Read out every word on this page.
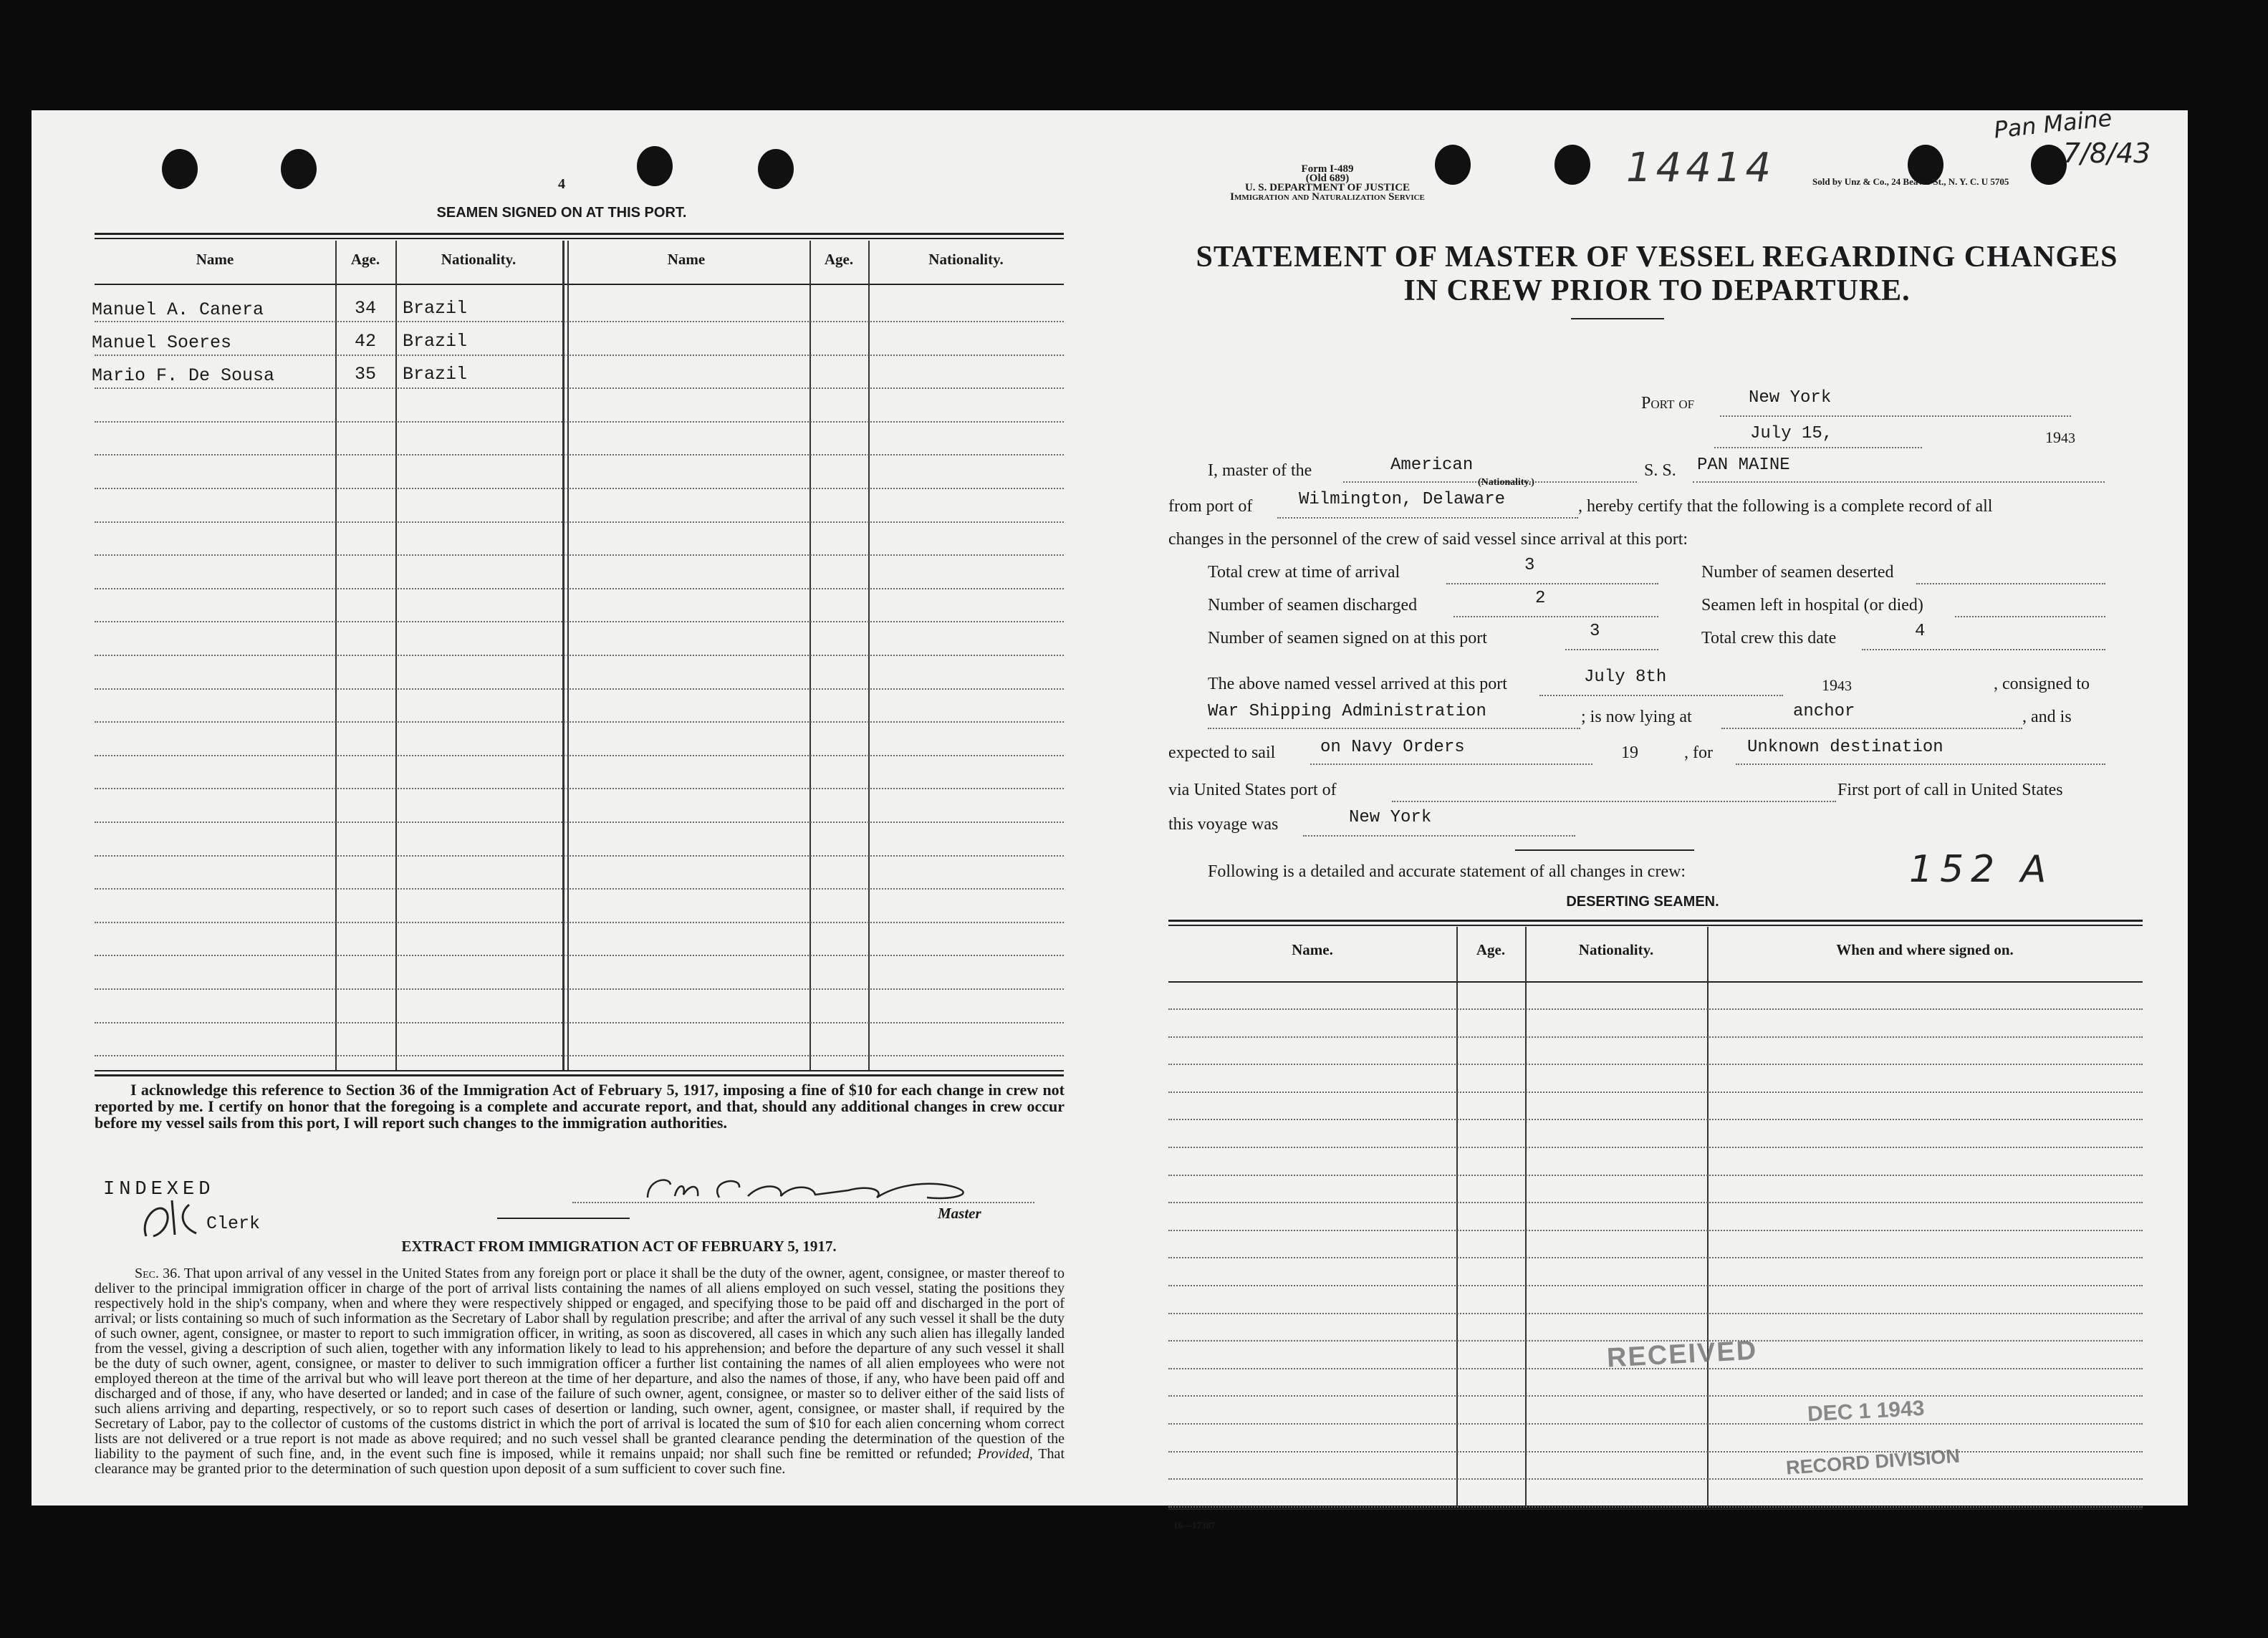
4
SEAMEN SIGNED ON AT THIS PORT.
Name	Age.	Nationality.	Name	Age.	Nationality.
Manuel A. Canera	34	Brazil
Manuel Soeres	42	Brazil
Mario F. De Sousa	35	Brazil
I acknowledge this reference to Section 36 of the Immigration Act of February 5, 1917, imposing a fine of $10 for each change in crew not reported by me. I certify on honor that the foregoing is a complete and accurate report, and that, should any additional changes in crew occur before my vessel sails from this port, I will report such changes to the immigration authorities.
INDEXED
Clerk	Master
EXTRACT FROM IMMIGRATION ACT OF FEBRUARY 5, 1917.
Sec. 36. That upon arrival of any vessel in the United States from any foreign port or place it shall be the duty of the owner, agent, consignee, or master thereof to deliver to the principal immigration officer in charge of the port of arrival lists containing the names of all aliens employed on such vessel, stating the positions they respectively hold in the ship's company, when and where they were respectively shipped or engaged, and specifying those to be paid off and discharged in the port of arrival; or lists containing so much of such information as the Secretary of Labor shall by regulation prescribe; and after the arrival of any such vessel it shall be the duty of such owner, agent, consignee, or master to report to such immigration officer, in writing, as soon as discovered, all cases in which any such alien has illegally landed from the vessel, giving a description of such alien, together with any information likely to lead to his apprehension; and before the departure of any such vessel it shall be the duty of such owner, agent, consignee, or master to deliver to such immigration officer a further list containing the names of all alien employees who were not employed thereon at the time of the arrival but who will leave port thereon at the time of her departure, and also the names of those, if any, who have been paid off and discharged and of those, if any, who have deserted or landed; and in case of the failure of such owner, agent, consignee, or master so to deliver either of the said lists of such aliens arriving and departing, respectively, or so to report such cases of desertion or landing, such owner, agent, consignee, or master shall, if required by the Secretary of Labor, pay to the collector of customs of the customs district in which the port of arrival is located the sum of $10 for each alien concerning whom correct lists are not delivered or a true report is not made as above required; and no such vessel shall be granted clearance pending the determination of the question of the liability to the payment of such fine, and, in the event such fine is imposed, while it remains unpaid; nor shall such fine be remitted or refunded; Provided, That clearance may be granted prior to the determination of such question upon deposit of a sum sufficient to cover such fine.
Form I-489
(Old 689)
U. S. DEPARTMENT OF JUSTICE
Immigration and Naturalization Service
14414
Pan Maine
7/8/43
Sold by Unz & Co., 24 Beaver St., N. Y. C. U 5705
STATEMENT OF MASTER OF VESSEL REGARDING CHANGES
IN CREW PRIOR TO DEPARTURE.
Port of	New York
July 15,	1943
I, master of the	American
(Nationality.)
S. S. PAN MAINE
from port of	Wilmington, Delaware	, hereby certify that the following is a complete record of all
changes in the personnel of the crew of said vessel since arrival at this port:
Total crew at time of arrival	3	Number of seamen deserted
Number of seamen discharged	2	Seamen left in hospital (or died)
Number of seamen signed on at this port	3	Total crew this date	4
The above named vessel arrived at this port	July 8th	1943	, consigned to
War Shipping Administration	; is now lying at	anchor	, and is
expected to sail	on Navy Orders	19	, for Unknown destination
via United States port of	First port of call in United States
this voyage was	New York
Following is a detailed and accurate statement of all changes in crew:	152 A
DESERTING SEAMEN.
Name.	Age.	Nationality.	When and where signed on.
RECEIVED
DEC 1 1943
RECORD DIVISION
16—17387
